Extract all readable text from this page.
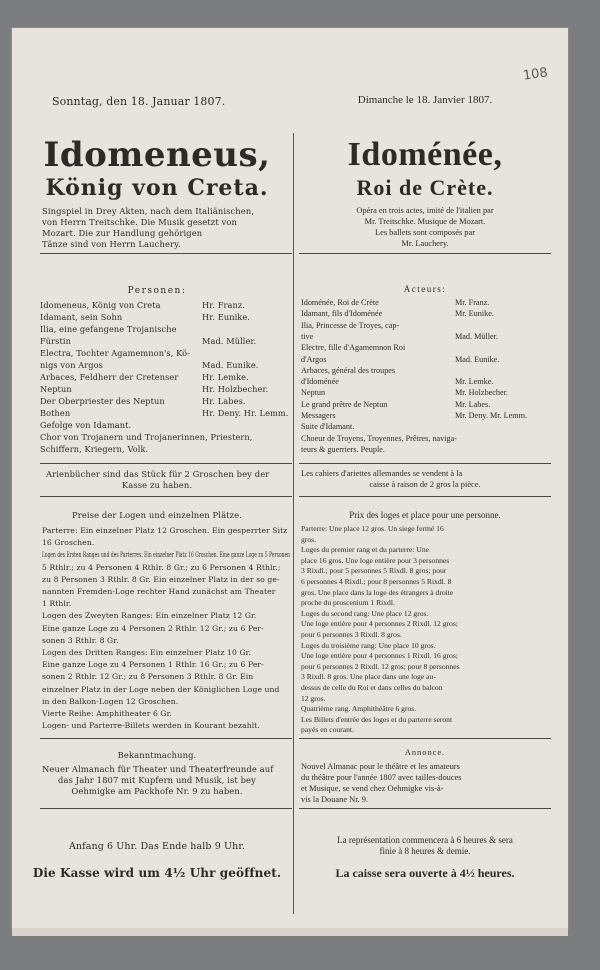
108
Sonntag, den 18. Januar 1807.
Idomeneus,
König von Creta.
Singspiel in Drey Akten, nach dem Italiänischen,
von Herrn Treitschke. Die Musik gesetzt von
Mozart. Die zur Handlung gehörigen
Tänze sind von Herrn Lauchery.
Personen:
Idomeneus, König von Creta	Hr. Franz.
Idamant, sein Sohn	Hr. Eunike.
Ilia, eine gefangene Trojanische
Fürstin	Mad. Müller.
Electra, Tochter Agamemnon's, Kö-
nigs von Argos	Mad. Eunike.
Arbaces, Feldherr der Cretenser	Hr. Lemke.
Neptun	Hr. Holzbecher.
Der Oberpriester des Neptun	Hr. Labes.
Bothen	Hr. Deny. Hr. Lemm.
Gefolge von Idamant.
Chor von Trojanern und Trojanerinnen, Priestern,
Schiffern, Kriegern, Volk.
Arienbücher sind das Stück für 2 Groschen bey der
Kasse zu haben.
Preise der Logen und einzelnen Plätze.
Parterre: Ein einzelner Platz 12 Groschen. Ein gesperrter Sitz
16 Groschen.
Logen des Ersten Ranges und des Parterres: Ein einzelner Platz 16 Groschen. Eine ganze Loge zu 5 Personen
5 Rthlr.; zu 4 Personen 4 Rthlr. 8 Gr.; zu 6 Personen 4 Rthlr.;
zu 8 Personen 3 Rthlr. 8 Gr. Ein einzelner Platz in der so ge-
nannten Fremden-Loge rechter Hand zunächst am Theater
1 Rthlr.
Logen des Zweyten Ranges: Ein einzelner Platz 12 Gr.
Eine ganze Loge zu 4 Personen 2 Rthlr. 12 Gr.; zu 6 Per-
sonen 3 Rthlr. 8 Gr.
Logen des Dritten Ranges: Ein einzelner Platz 10 Gr.
Eine ganze Loge zu 4 Personen 1 Rthlr. 16 Gr.; zu 6 Per-
sonen 2 Rthlr. 12 Gr.; zu 8 Personen 3 Rthlr. 8 Gr. Ein
einzelner Platz in der Loge neben der Königlichen Loge und
in den Balkon-Logen 12 Groschen.
Vierte Reihe: Amphitheater 6 Gr.
Logen- und Parterre-Billets werden in Kourant bezahlt.
Bekanntmachung.
Neuer Almanach für Theater und Theaterfreunde auf
das Jahr 1807 mit Kupfern und Musik, ist bey
Oehmigke am Packhofe Nr. 9 zu haben.
Anfang 6 Uhr. Das Ende halb 9 Uhr.
Die Kasse wird um 4½ Uhr geöffnet.
Dimanche le 18. Janvier 1807.
Idoménée,
Roi de Crète.
Opéra en trois actes, imité de l'italien par
Mr. Treitschke. Musique de Mozart.
Les ballets sont composés par
Mr. Lauchery.
Acteurs:
Idoménée, Roi de Crète	Mr. Franz.
Idamant, fils d'Idoménée	Mr. Eunike.
Ilia, Princesse de Troyes, cap-
tive	Mad. Müller.
Electre, fille d'Agamemnon Roi
d'Argos	Mad. Eunike.
Arbaces, général des troupes
d'Idoménée	Mr. Lemke.
Neptun	Mr. Holzbecher.
Le grand prêtre de Neptun	Mr. Labes.
Messagers	Mr. Deny. Mr. Lemm.
Suite d'Idamant.
Choeur de Troyens, Troyennes, Prêtres, naviga-
teurs & guerriers. Peuple.
Les cahiers d'ariettes allemandes se vendent à la
caisse à raison de 2 gros la pièce.
Prix des loges et place pour une personne.
Parterre: Une place 12 gros. Un siege fermé 16
gros.
Loges du premier rang et du parterre: Une
place 16 gros. Une loge entière pour 3 personnes
3 Rixdl.; pour 5 personnes 5 Rixdl. 8 gros; pour
6 personnes 4 Rixdl.; pour 8 personnes 5 Rixdl. 8
gros. Une place dans la loge des étrangers à droite
proche du proscenium 1 Rixdl.
Loges du second rang: Une place 12 gros.
Une loge entière pour 4 personnes 2 Rixdl. 12 gros;
pour 6 personnes 3 Rixdl. 8 gros.
Loges du troisième rang: Une place 10 gros.
Une loge entière pour 4 personnes 1 Rixdl. 16 gros;
pour 6 personnes 2 Rixdl. 12 gros; pour 8 personnes
3 Rixdl. 8 gros. Une place dans une loge au-
dessus de celle du Roi et dans celles du balcon
12 gros.
Quatrième rang. Amphithéâtre 6 gros.
Les Billets d'entrée des loges et du parterre seront
payés en courant.
Annonce.
Nouvel Almanac pour le théâtre et les amateurs
du théâtre pour l'année 1807 avec tailles-douces
et Musique, se vend chez Oehmigke vis-à-
vis la Douane Nr. 9.
La représentation commencera à 6 heures & sera
finie à 8 heures & demie.
La caisse sera ouverte à 4½ heures.
